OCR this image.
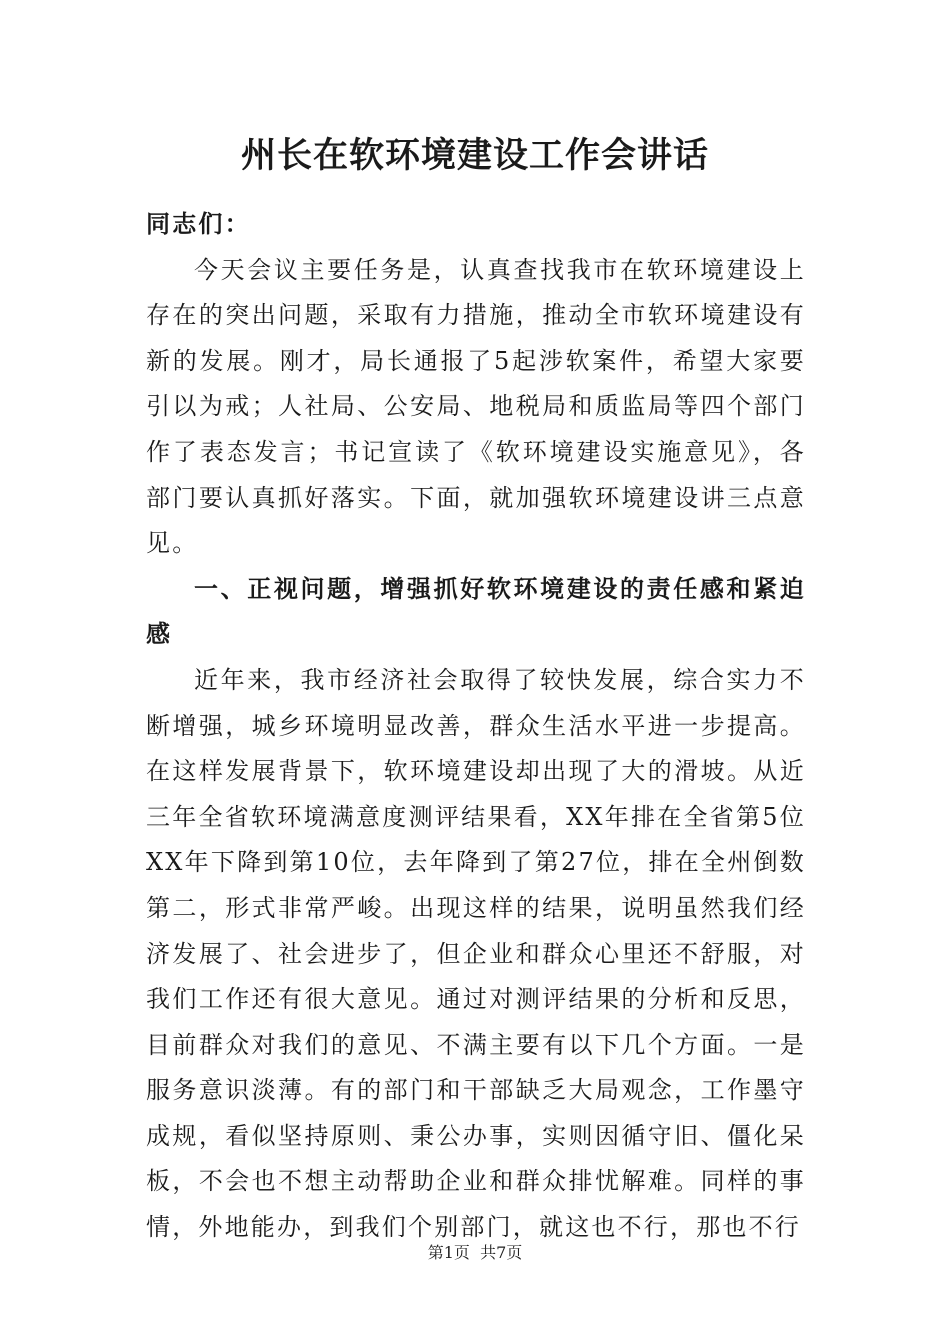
州长在软环境建设工作会讲话

同志们：

今天会议主要任务是，认真查找我市在软环境建设上存在的突出问题，采取有力措施，推动全市软环境建设有新的发展。刚才，局长通报了5起涉软案件，希望大家要引以为戒；人社局、公安局、地税局和质监局等四个部门作了表态发言；书记宣读了《软环境建设实施意见》，各部门要认真抓好落实。下面，就加强软环境建设讲三点意见。

一、正视问题，增强抓好软环境建设的责任感和紧迫感

近年来，我市经济社会取得了较快发展，综合实力不断增强，城乡环境明显改善，群众生活水平进一步提高。在这样发展背景下，软环境建设却出现了大的滑坡。从近三年全省软环境满意度测评结果看，XX年排在全省第5位XX年下降到第10位，去年降到了第27位，排在全州倒数第二，形式非常严峻。出现这样的结果，说明虽然我们经济发展了、社会进步了，但企业和群众心里还不舒服，对我们工作还有很大意见。通过对测评结果的分析和反思，目前群众对我们的意见、不满主要有以下几个方面。一是服务意识淡薄。有的部门和干部缺乏大局观念，工作墨守成规，看似坚持原则、秉公办事，实则因循守旧、僵化呆板，不会也不想主动帮助企业和群众排忧解难。同样的事情，外地能办，到我们个别部门，就这也不行，那也不行

第1页 共7页
